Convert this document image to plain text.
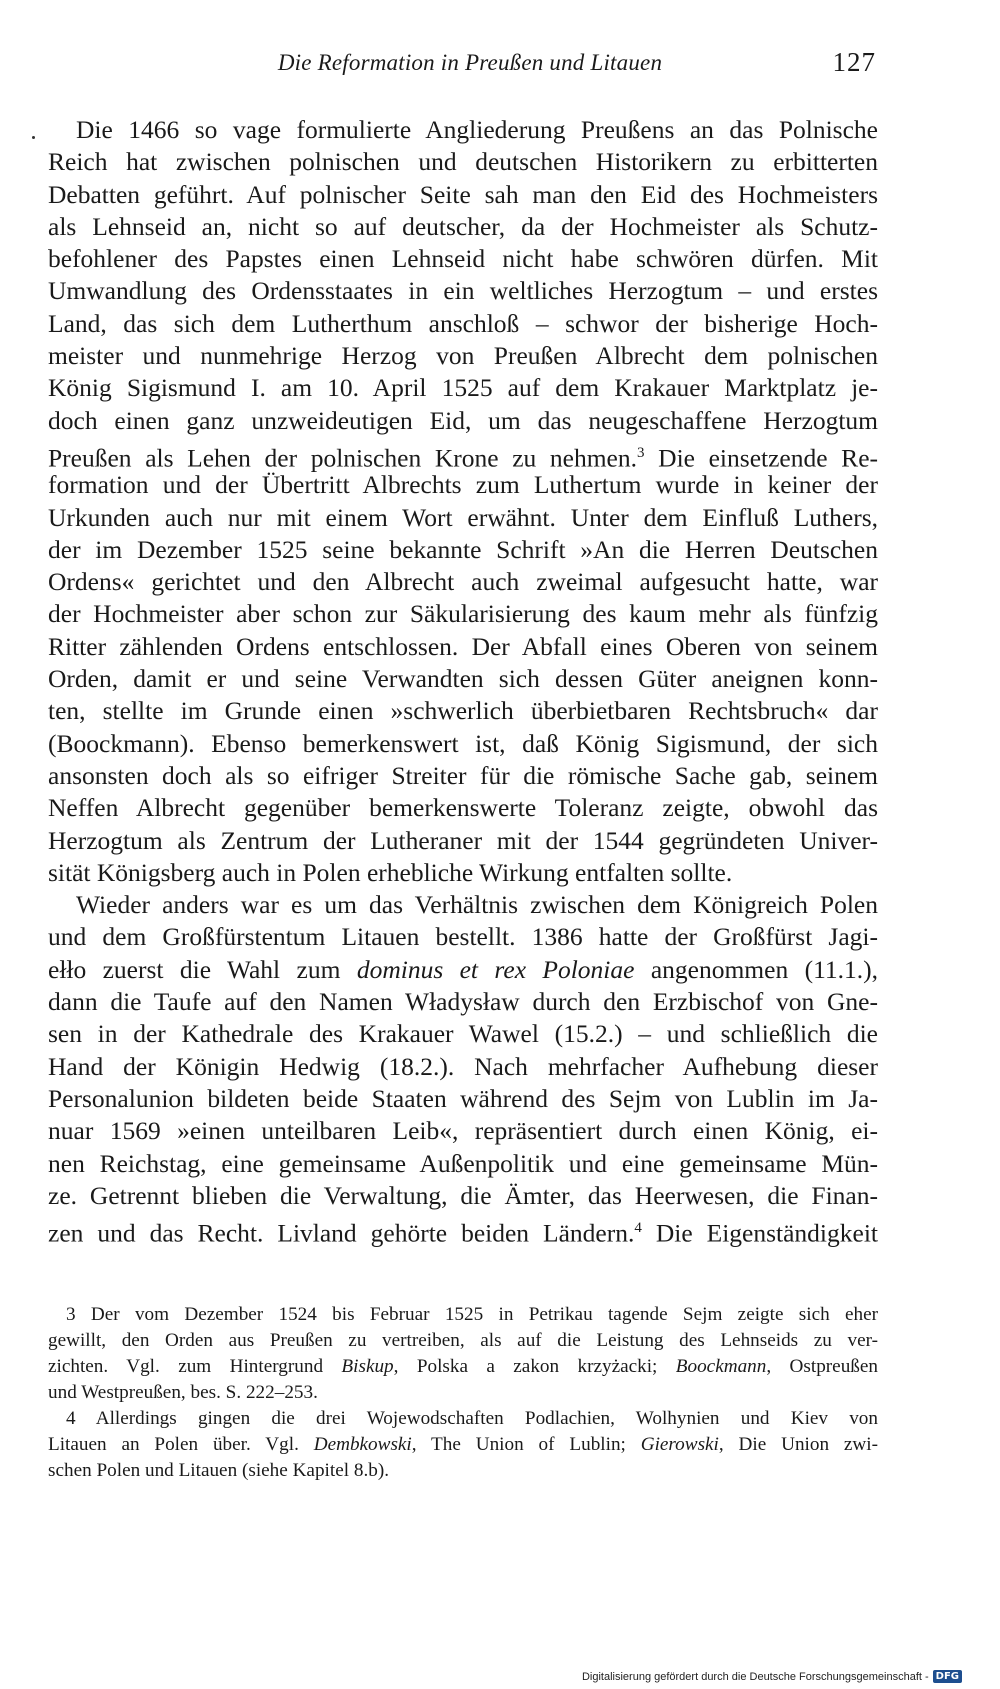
Die Reformation in Preußen und Litauen	127
Die 1466 so vage formulierte Angliederung Preußens an das Polnische
Reich hat zwischen polnischen und deutschen Historikern zu erbitterten
Debatten geführt. Auf polnischer Seite sah man den Eid des Hochmeisters
als Lehnseid an, nicht so auf deutscher, da der Hochmeister als Schutz-
befohlener des Papstes einen Lehnseid nicht habe schwören dürfen. Mit
Umwandlung des Ordensstaates in ein weltliches Herzogtum – und erstes
Land, das sich dem Lutherthum anschloß – schwor der bisherige Hoch-
meister und nunmehrige Herzog von Preußen Albrecht dem polnischen
König Sigismund I. am 10. April 1525 auf dem Krakauer Marktplatz je-
doch einen ganz unzweideutigen Eid, um das neugeschaffene Herzogtum
Preußen als Lehen der polnischen Krone zu nehmen.$^3$ Die einsetzende Re-
formation und der Übertritt Albrechts zum Luthertum wurde in keiner der
Urkunden auch nur mit einem Wort erwähnt. Unter dem Einfluß Luthers,
der im Dezember 1525 seine bekannte Schrift »An die Herren Deutschen
Ordens« gerichtet und den Albrecht auch zweimal aufgesucht hatte, war
der Hochmeister aber schon zur Säkularisierung des kaum mehr als fünfzig
Ritter zählenden Ordens entschlossen. Der Abfall eines Oberen von seinem
Orden, damit er und seine Verwandten sich dessen Güter aneignen konn-
ten, stellte im Grunde einen »schwerlich überbietbaren Rechtsbruch« dar
(Boockmann). Ebenso bemerkenswert ist, daß König Sigismund, der sich
ansonsten doch als so eifriger Streiter für die römische Sache gab, seinem
Neffen Albrecht gegenüber bemerkenswerte Toleranz zeigte, obwohl das
Herzogtum als Zentrum der Lutheraner mit der 1544 gegründeten Univer-
sität Königsberg auch in Polen erhebliche Wirkung entfalten sollte.
Wieder anders war es um das Verhältnis zwischen dem Königreich Polen
und dem Großfürstentum Litauen bestellt. 1386 hatte der Großfürst Jagi-
ełło zuerst die Wahl zum dominus et rex Poloniae angenommen (11.1.),
dann die Taufe auf den Namen Władysław durch den Erzbischof von Gne-
sen in der Kathedrale des Krakauer Wawel (15.2.) – und schließlich die
Hand der Königin Hedwig (18.2.). Nach mehrfacher Aufhebung dieser
Personalunion bildeten beide Staaten während des Sejm von Lublin im Ja-
nuar 1569 »einen unteilbaren Leib«, repräsentiert durch einen König, ei-
nen Reichstag, eine gemeinsame Außenpolitik und eine gemeinsame Mün-
ze. Getrennt blieben die Verwaltung, die Ämter, das Heerwesen, die Finan-
zen und das Recht. Livland gehörte beiden Ländern.$^4$ Die Eigenständigkeit
3 Der vom Dezember 1524 bis Februar 1525 in Petrikau tagende Sejm zeigte sich eher
gewillt, den Orden aus Preußen zu vertreiben, als auf die Leistung des Lehnseids zu ver-
zichten. Vgl. zum Hintergrund Biskup, Polska a zakon krzyżacki; Boockmann, Ostpreußen
und Westpreußen, bes. S. 222–253.
4 Allerdings gingen die drei Wojewodschaften Podlachien, Wolhynien und Kiev von
Litauen an Polen über. Vgl. Dembkowski, The Union of Lublin; Gierowski, Die Union zwi-
schen Polen und Litauen (siehe Kapitel 8.b).
Digitalisierung gefördert durch die Deutsche Forschungsgemeinschaft - DFG
